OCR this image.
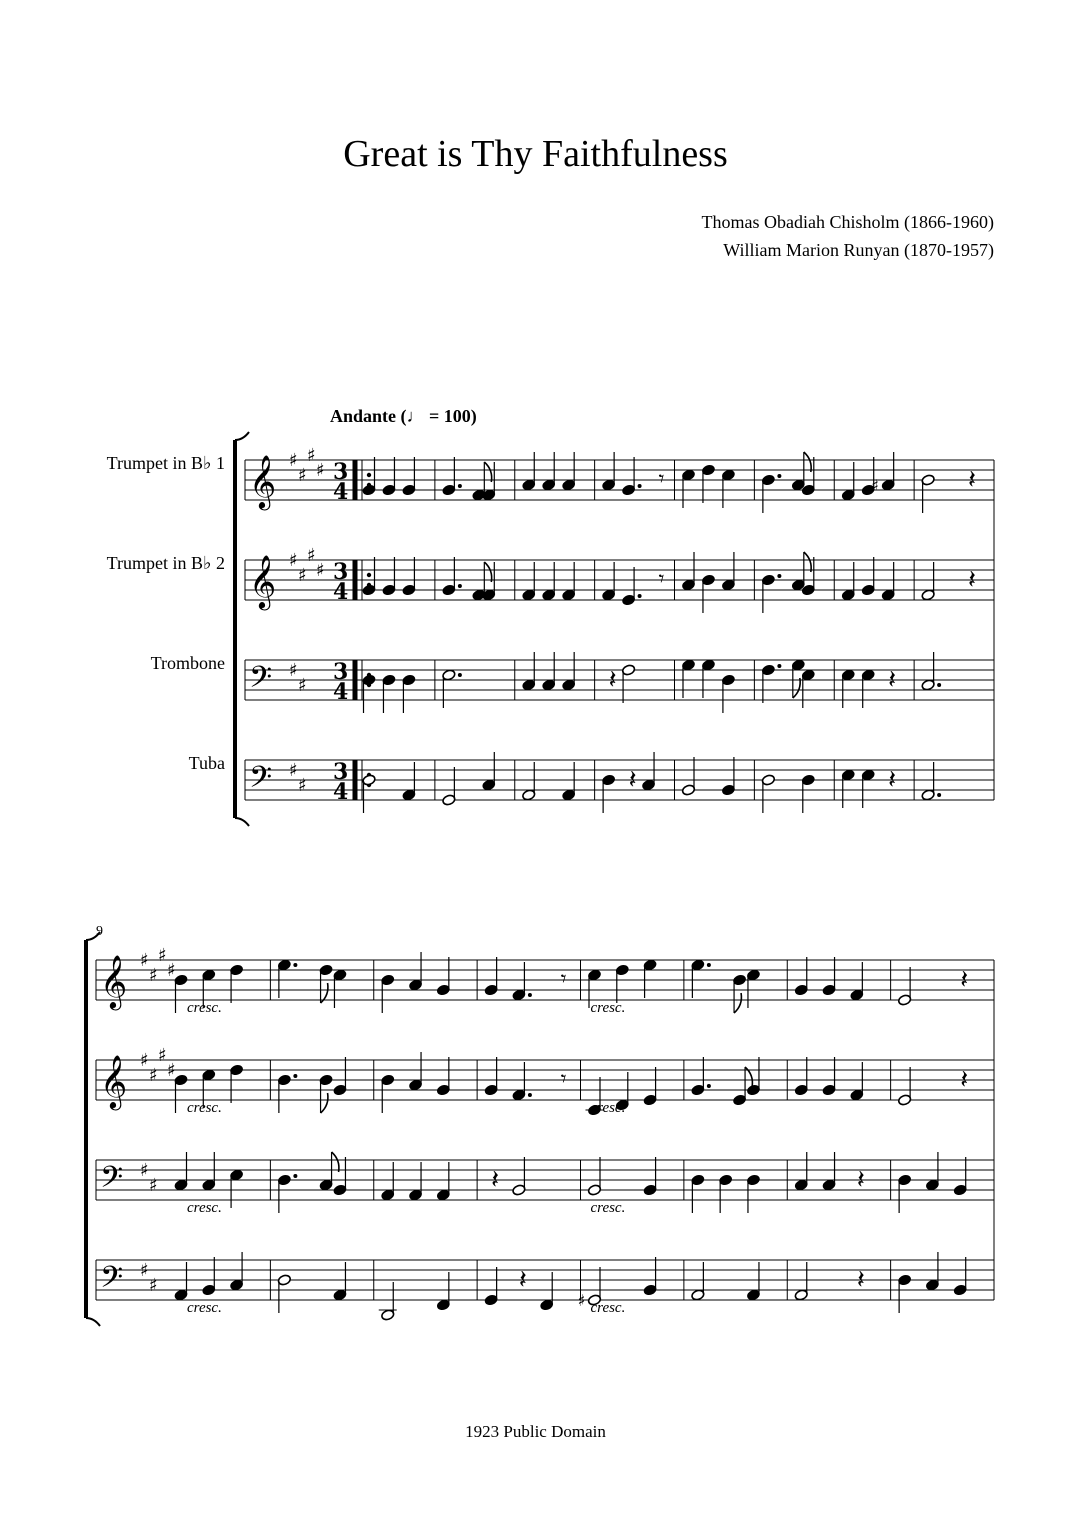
Great is Thy Faithfulness
Thomas Obadiah Chisholm (1866-1960)
William Marion Runyan (1870-1957)
Andante (♩ = 100)
Trumpet in B♭ 1
Trumpet in B♭ 2
Trombone
Tuba
9
𝄞 ♯
♯
♯
♯ 3
4	𝄾	♯	𝄽
𝄞 ♯
♯
♯
♯ 3
4	𝄾	𝄽
𝄢 ♯
♯
3
4	𝄽	𝄽
𝄢 ♯
♯
3
4	𝄽	𝄽
𝄞 ♯
♯
♯
♯	𝄾	𝄽
cresc.	cresc.
𝄞 ♯
♯
♯
♯	𝄾	𝄽
cresc.	cresc.
𝄢 ♯
♯	𝄽	𝄽
cresc.	cresc.
𝄢 ♯
♯	𝄽
♯
𝄽
cresc.	cresc.
1923 Public Domain
